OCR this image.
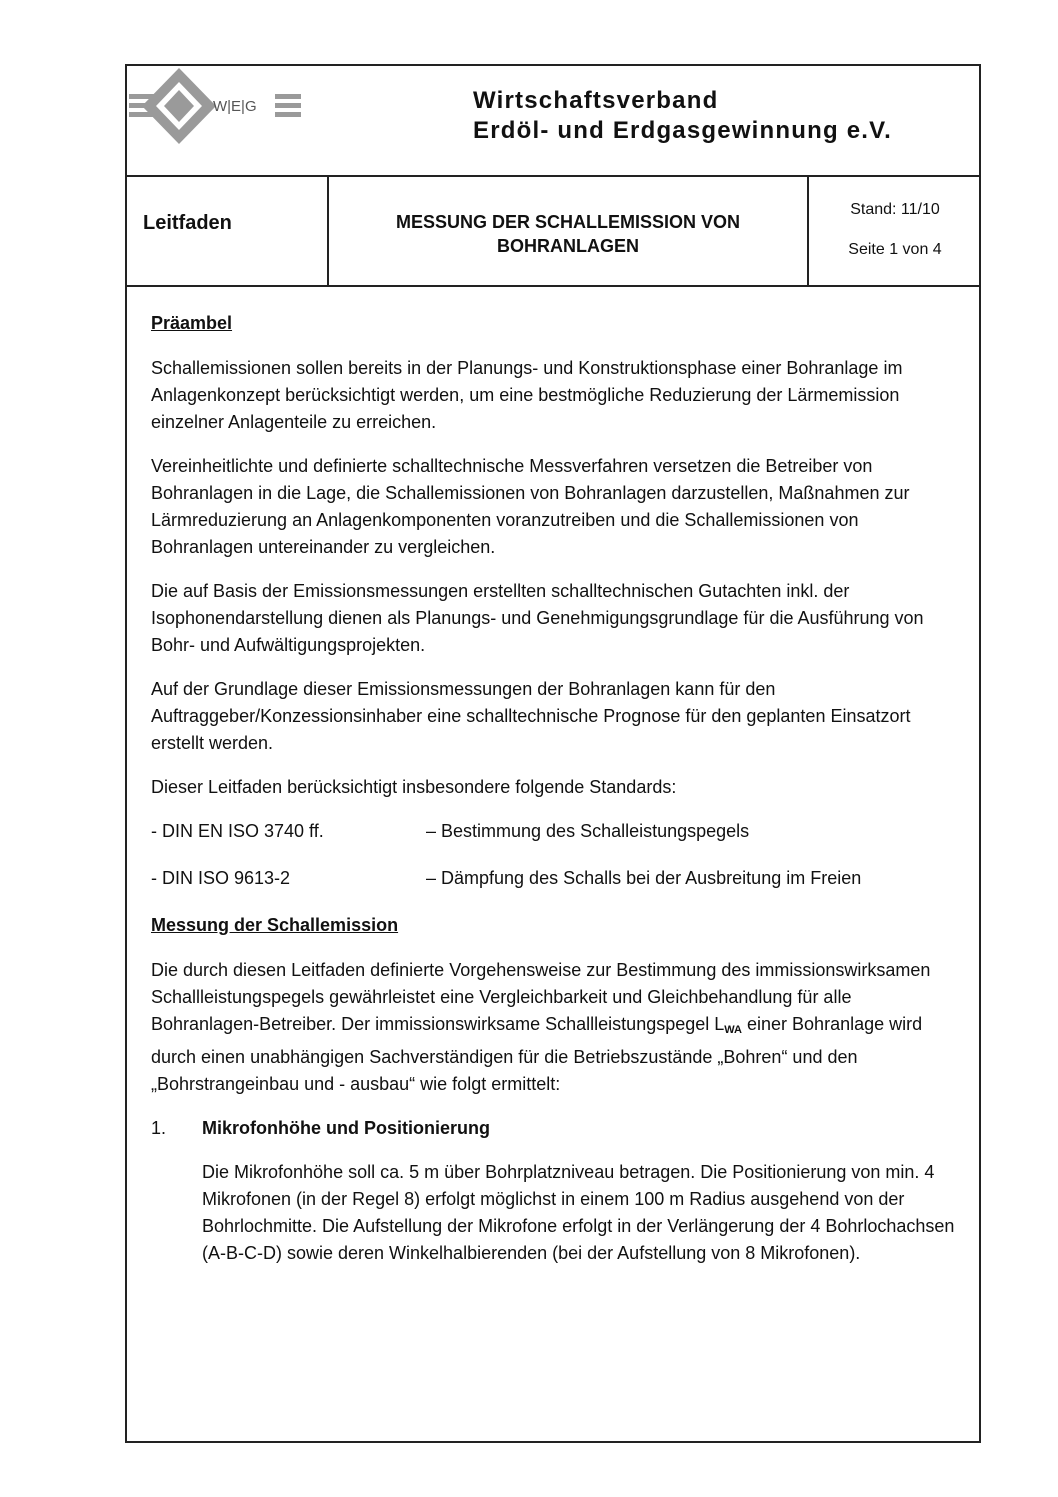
W|E|G	Wirtschaftsverband
Erdöl- und Erdgasgewinnung e.V.
Leitfaden	MESSUNG DER SCHALLEMISSION VON
BOHRANLAGEN
Stand: 11/10
Seite 1 von 4
Präambel

Schallemissionen sollen bereits in der Planungs- und Konstruktionsphase einer Bohranlage im Anlagenkonzept berücksichtigt werden, um eine bestmögliche Reduzierung der Lärmemission einzelner Anlagenteile zu erreichen.

Vereinheitlichte und definierte schalltechnische Messverfahren versetzen die Betreiber von Bohranlagen in die Lage, die Schallemissionen von Bohranlagen darzustellen, Maßnahmen zur Lärmreduzierung an Anlagenkomponenten voranzutreiben und die Schallemissionen von Bohranlagen untereinander zu vergleichen.

Die auf Basis der Emissionsmessungen erstellten schalltechnischen Gutachten inkl. der Isophonendarstellung dienen als Planungs- und Genehmigungsgrundlage für die Ausführung von Bohr- und Aufwältigungsprojekten.

Auf der Grundlage dieser Emissionsmessungen der Bohranlagen kann für den Auftraggeber/Konzessionsinhaber eine schalltechnische Prognose für den geplanten Einsatzort erstellt werden.

Dieser Leitfaden berücksichtigt insbesondere folgende Standards:

- DIN EN ISO 3740 ff.	– Bestimmung des Schalleistungspegels
- DIN ISO 9613-2	– Dämpfung des Schalls bei der Ausbreitung im Freien
Messung der Schallemission

Die durch diesen Leitfaden definierte Vorgehensweise zur Bestimmung des immissionswirksamen Schallleistungspegels gewährleistet eine Vergleichbarkeit und Gleichbehandlung für alle Bohranlagen-Betreiber. Der immissionswirksame Schallleistungspegel $L_{WA}$ einer Bohranlage wird durch einen unabhängigen Sachverständigen für die Betriebszustände „Bohren“ und den „Bohrstrangeinbau und - ausbau“ wie folgt ermittelt:

1.	Mikrofonhöhe und Positionierung

Die Mikrofonhöhe soll ca. 5 m über Bohrplatzniveau betragen. Die Positionierung von min. 4 Mikrofonen (in der Regel 8) erfolgt möglichst in einem 100 m Radius ausgehend von der Bohrlochmitte. Die Aufstellung der Mikrofone erfolgt in der Verlängerung der 4 Bohrlochachsen (A-B-C-D) sowie deren Winkelhalbierenden (bei der Aufstellung von 8 Mikrofonen).
